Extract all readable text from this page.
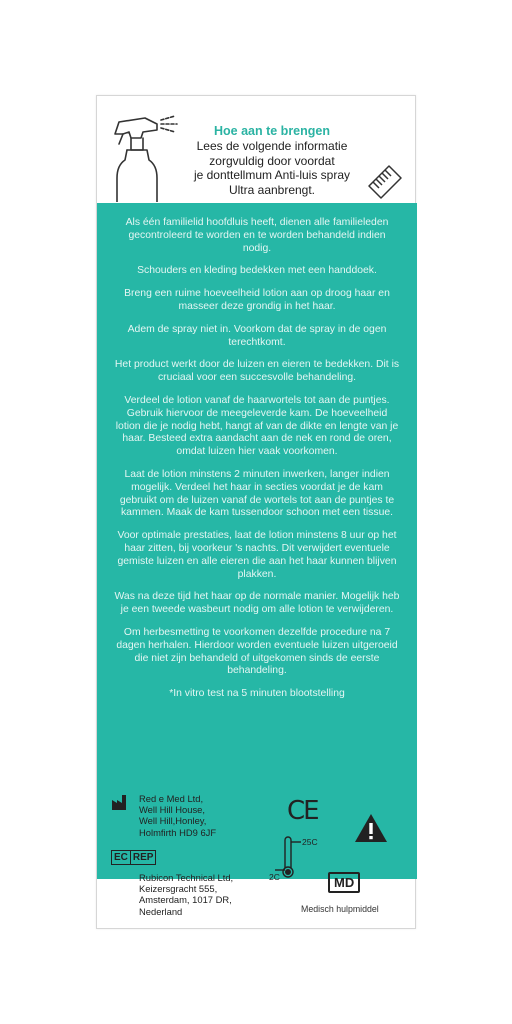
Hoe aan te brengen
Lees de volgende informatie
zorgvuldig door voordat
je donttellmum Anti-luis spray
Ultra aanbrengt.

Als één familielid hoofdluis heeft, dienen alle familieleden gecontroleerd te worden en te worden behandeld indien nodig.

Schouders en kleding bedekken met een handdoek.

Breng een ruime hoeveelheid lotion aan op droog haar en masseer deze grondig in het haar.

Adem de spray niet in. Voorkom dat de spray in de ogen terechtkomt.

Het product werkt door de luizen en eieren te bedekken. Dit is cruciaal voor een succesvolle behandeling.

Verdeel de lotion vanaf de haarwortels tot aan de puntjes. Gebruik hiervoor de meegeleverde kam. De hoeveelheid lotion die je nodig hebt, hangt af van de dikte en lengte van je haar. Besteed extra aandacht aan de nek en rond de oren, omdat luizen hier vaak voorkomen.

Laat de lotion minstens 2 minuten inwerken, langer indien mogelijk. Verdeel het haar in secties voordat je de kam gebruikt om de luizen vanaf de wortels tot aan de puntjes te kammen. Maak de kam tussendoor schoon met een tissue.

Voor optimale prestaties, laat de lotion minstens 8 uur op het haar zitten, bij voorkeur 's nachts. Dit verwijdert eventuele gemiste luizen en alle eieren die aan het haar kunnen blijven plakken.

Was na deze tijd het haar op de normale manier. Mogelijk heb je een tweede wasbeurt nodig om alle lotion te verwijderen.

Om herbesmetting te voorkomen dezelfde procedure na 7 dagen herhalen. Hierdoor worden eventuele luizen uitgeroeid die niet zijn behandeld of uitgekomen sinds de eerste behandeling.

*In vitro test na 5 minuten blootstelling

Red e Med Ltd,
Well Hill House,
Well Hill,Honley,
Holmfirth HD9 6JF
CE
EC REP
Rubicon Technical Ltd,
Keizersgracht 555,
Amsterdam, 1017 DR,
Nederland
25C
2C	MD
Medisch hulpmiddel
